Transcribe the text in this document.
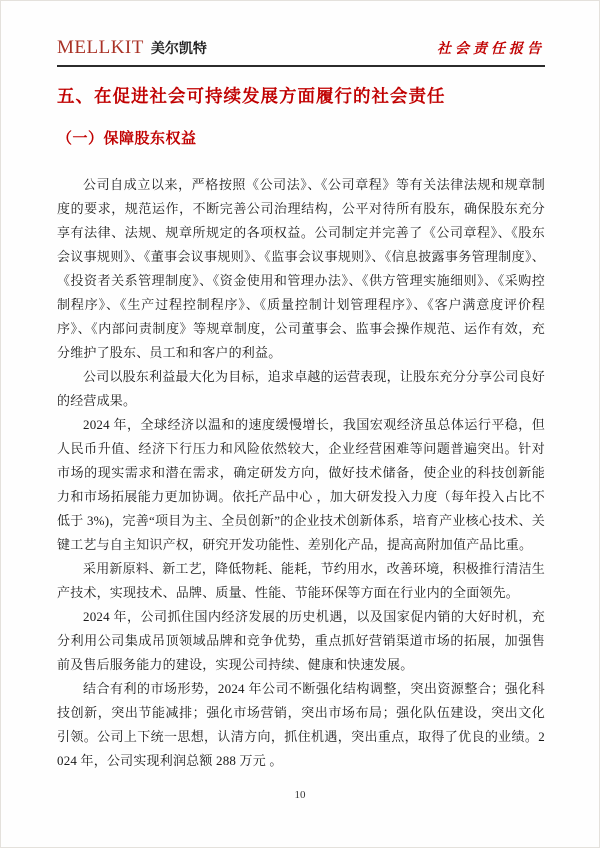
MELLKIT 美尔凯特	社会责任报告
五、在促进社会可持续发展方面履行的社会责任
（一）保障股东权益

公司自成立以来，严格按照《公司法》、《公司章程》等有关法律法规和规章制度的要求，规范运作，不断完善公司治理结构，公平对待所有股东，确保股东充分享有法律、法规、规章所规定的各项权益。公司制定并完善了《公司章程》、《股东会议事规则》、《董事会议事规则》、《监事会议事规则》、《信息披露事务管理制度》、《投资者关系管理制度》、《资金使用和管理办法》、《供方管理实施细则》、《采购控制程序》、《生产过程控制程序》、《质量控制计划管理程序》、《客户满意度评价程序》、《内部问责制度》等规章制度，公司董事会、监事会操作规范、运作有效，充分维护了股东、员工和和客户的利益。

公司以股东利益最大化为目标，追求卓越的运营表现，让股东充分分享公司良好的经营成果。

2024 年，全球经济以温和的速度缓慢增长，我国宏观经济虽总体运行平稳，但人民币升值、经济下行压力和风险依然较大，企业经营困难等问题普遍突出。针对市场的现实需求和潜在需求，确定研发方向，做好技术储备，使企业的科技创新能力和市场拓展能力更加协调。依托产品中心 ，加大研发投入力度（每年投入占比不低于 3%)，完善“项目为主、全员创新”的企业技术创新体系，培育产业核心技术、关键工艺与自主知识产权，研究开发功能性、差别化产品，提高高附加值产品比重。

采用新原料、新工艺，降低物耗、能耗，节约用水，改善环境，积极推行清洁生产技术，实现技术、品牌、质量、性能、节能环保等方面在行业内的全面领先。

2024 年，公司抓住国内经济发展的历史机遇，以及国家促内销的大好时机，充分利用公司集成吊顶领域品牌和竞争优势，重点抓好营销渠道市场的拓展，加强售前及售后服务能力的建设，实现公司持续、健康和快速发展。

结合有利的市场形势，2024 年公司不断强化结构调整，突出资源整合；强化科技创新，突出节能减排；强化市场营销，突出市场布局；强化队伍建设，突出文化引领。公司上下统一思想，认清方向，抓住机遇，突出重点，取得了优良的业绩。2024 年，公司实现利润总额 288 万元 。

10
